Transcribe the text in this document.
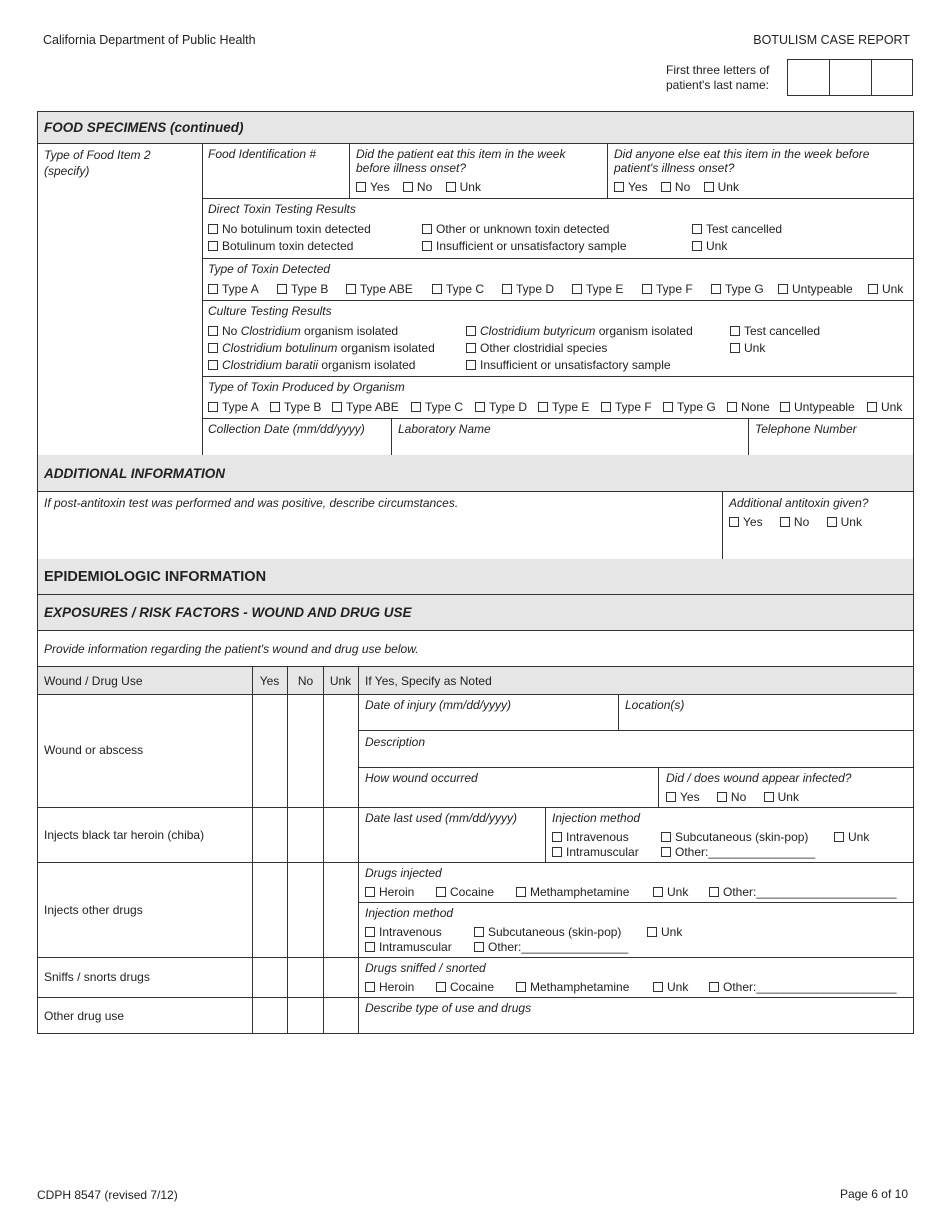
California Department of Public Health	BOTULISM CASE REPORT
First three letters of
patient's last name:
FOOD SPECIMENS (continued)
Type of Food Item 2 (specify)
Food Identification #	Did the patient eat this item in the week before illness onset?
Yes No Unk
Did anyone else eat this item in the week before patient's illness onset?
Yes No Unk
Direct Toxin Testing Results
No botulinum toxin detected	Other or unknown toxin detected	Test cancelled
Botulinum toxin detected	Insufficient or unsatisfactory sample	Unk
Type of Toxin Detected
Type A	Type B	Type ABE	Type C	Type D	Type E	Type F	Type G	Untypeable	Unk
Culture Testing Results
No Clostridium organism isolated	Clostridium butyricum organism isolated	Test cancelled
Clostridium botulinum organism isolated	Other clostridial species	Unk
Clostridium baratii organism isolated	Insufficient or unsatisfactory sample
Type of Toxin Produced by Organism
Type A	Type B	Type ABE	Type C	Type D	Type E	Type F	Type G	None	Untypeable	Unk
Collection Date (mm/dd/yyyy)	Laboratory Name	Telephone Number
ADDITIONAL INFORMATION
If post-antitoxin test was performed and was positive, describe circumstances.	Additional antitoxin given?
Yes	No	Unk
EPIDEMIOLOGIC INFORMATION
EXPOSURES / RISK FACTORS - WOUND AND DRUG USE
Provide information regarding the patient's wound and drug use below.
Wound / Drug Use	Yes	No	Unk	If Yes, Specify as Noted
Wound or abscess
Date of injury (mm/dd/yyyy)	Location(s)
Description
How wound occurred	Did / does wound appear infected?
Yes	No	Unk
Injects black tar heroin (chiba)
Date last used (mm/dd/yyyy)	Injection method
Intravenous	Subcutaneous (skin-pop)	Unk
Intramuscular	Other:________________
Injects other drugs
Drugs injected
Heroin	Cocaine	Methamphetamine	Unk	Other:_____________________
Injection method
Intravenous	Subcutaneous (skin-pop)	Unk
Intramuscular	Other:________________
Sniffs / snorts drugs
Drugs sniffed / snorted
Heroin	Cocaine	Methamphetamine	Unk	Other:_____________________
Other drug use
Describe type of use and drugs
CDPH 8547 (revised 7/12)	Page 6 of 10
